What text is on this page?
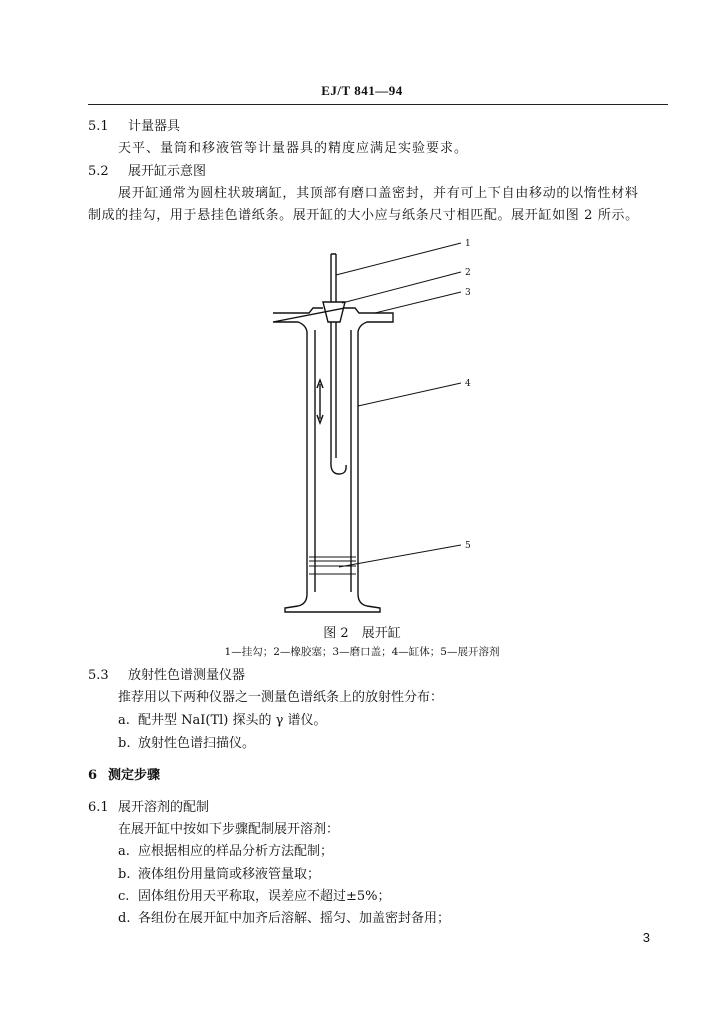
EJ/T 841—94
5.1 计量器具
天平、量筒和移液管等计量器具的精度应满足实验要求。
5.2 展开缸示意图
展开缸通常为圆柱状玻璃缸，其顶部有磨口盖密封，并有可上下自由移动的以惰性材料
制成的挂勾，用于悬挂色谱纸条。展开缸的大小应与纸条尺寸相匹配。展开缸如图 2 所示。
1
2
3
4
5
图 2　展开缸
1—挂勾；2—橡胶塞；3—磨口盖；4—缸体；5—展开溶剂
5.3 放射性色谱测量仪器
推荐用以下两种仪器之一测量色谱纸条上的放射性分布：
a. 配井型 NaI(Tl) 探头的 γ 谱仪。
b. 放射性色谱扫描仪。
6 测定步骤
6.1 展开溶剂的配制
在展开缸中按如下步骤配制展开溶剂：
a. 应根据相应的样品分析方法配制；
b. 液体组份用量筒或移液管量取；
c. 固体组份用天平称取，误差应不超过±5%；
d. 各组份在展开缸中加齐后溶解、摇匀、加盖密封备用；
3
